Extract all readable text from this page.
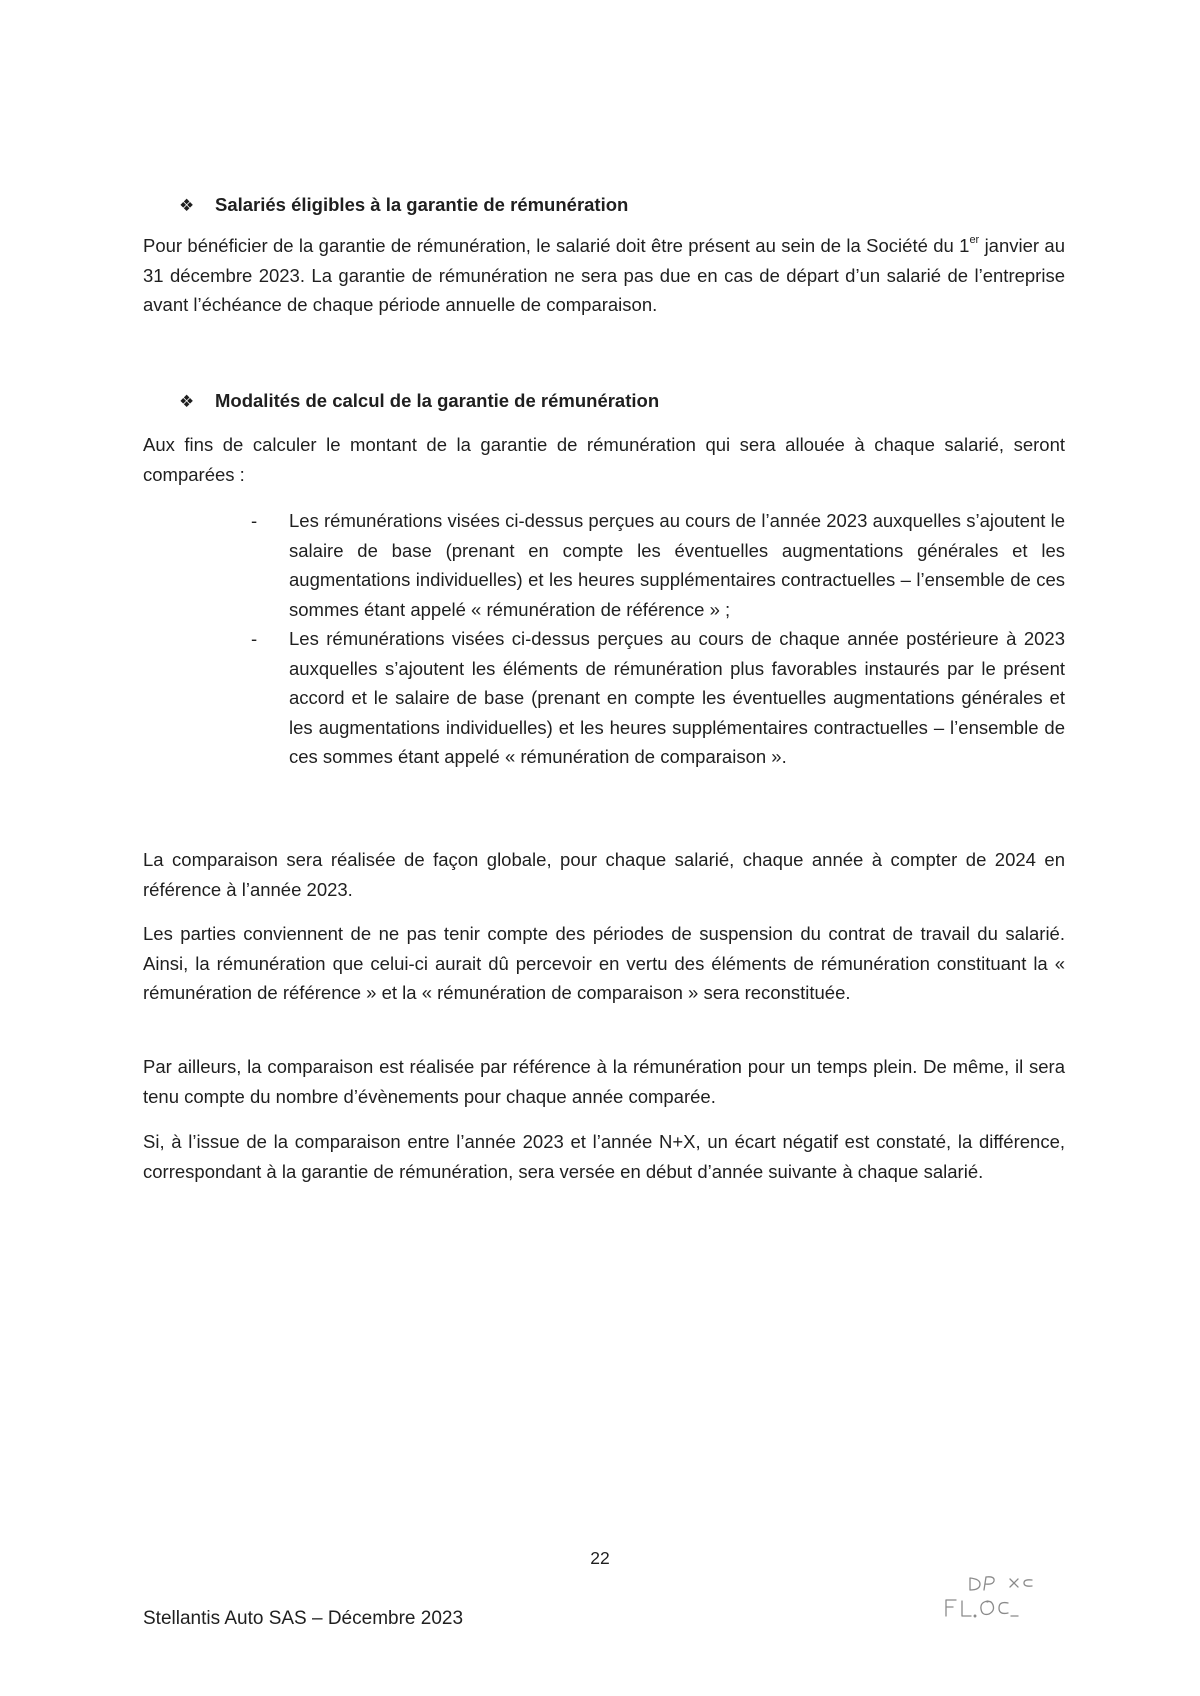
❖	Salariés éligibles à la garantie de rémunération

Pour bénéficier de la garantie de rémunération, le salarié doit être présent au sein de la Société du 1er janvier au 31 décembre 2023. La garantie de rémunération ne sera pas due en cas de départ d’un salarié de l’entreprise avant l’échéance de chaque période annuelle de comparaison.

❖	Modalités de calcul de la garantie de rémunération

Aux fins de calculer le montant de la garantie de rémunération qui sera allouée à chaque salarié, seront comparées :

- Les rémunérations visées ci-dessus perçues au cours de l’année 2023 auxquelles s’ajoutent le salaire de base (prenant en compte les éventuelles augmentations générales et les augmentations individuelles) et les heures supplémentaires contractuelles – l’ensemble de ces sommes étant appelé « rémunération de référence » ;
- Les rémunérations visées ci-dessus perçues au cours de chaque année postérieure à 2023 auxquelles s’ajoutent les éléments de rémunération plus favorables instaurés par le présent accord et le salaire de base (prenant en compte les éventuelles augmentations générales et les augmentations individuelles) et les heures supplémentaires contractuelles – l’ensemble de ces sommes étant appelé « rémunération de comparaison ».

La comparaison sera réalisée de façon globale, pour chaque salarié, chaque année à compter de 2024 en référence à l’année 2023.

Les parties conviennent de ne pas tenir compte des périodes de suspension du contrat de travail du salarié. Ainsi, la rémunération que celui-ci aurait dû percevoir en vertu des éléments de rémunération constituant la « rémunération de référence » et la « rémunération de comparaison » sera reconstituée.

Par ailleurs, la comparaison est réalisée par référence à la rémunération pour un temps plein. De même, il sera tenu compte du nombre d’évènements pour chaque année comparée.

Si, à l’issue de la comparaison entre l’année 2023 et l’année N+X, un écart négatif est constaté, la différence, correspondant à la garantie de rémunération, sera versée en début d’année suivante à chaque salarié.

22
Stellantis Auto SAS – Décembre 2023
